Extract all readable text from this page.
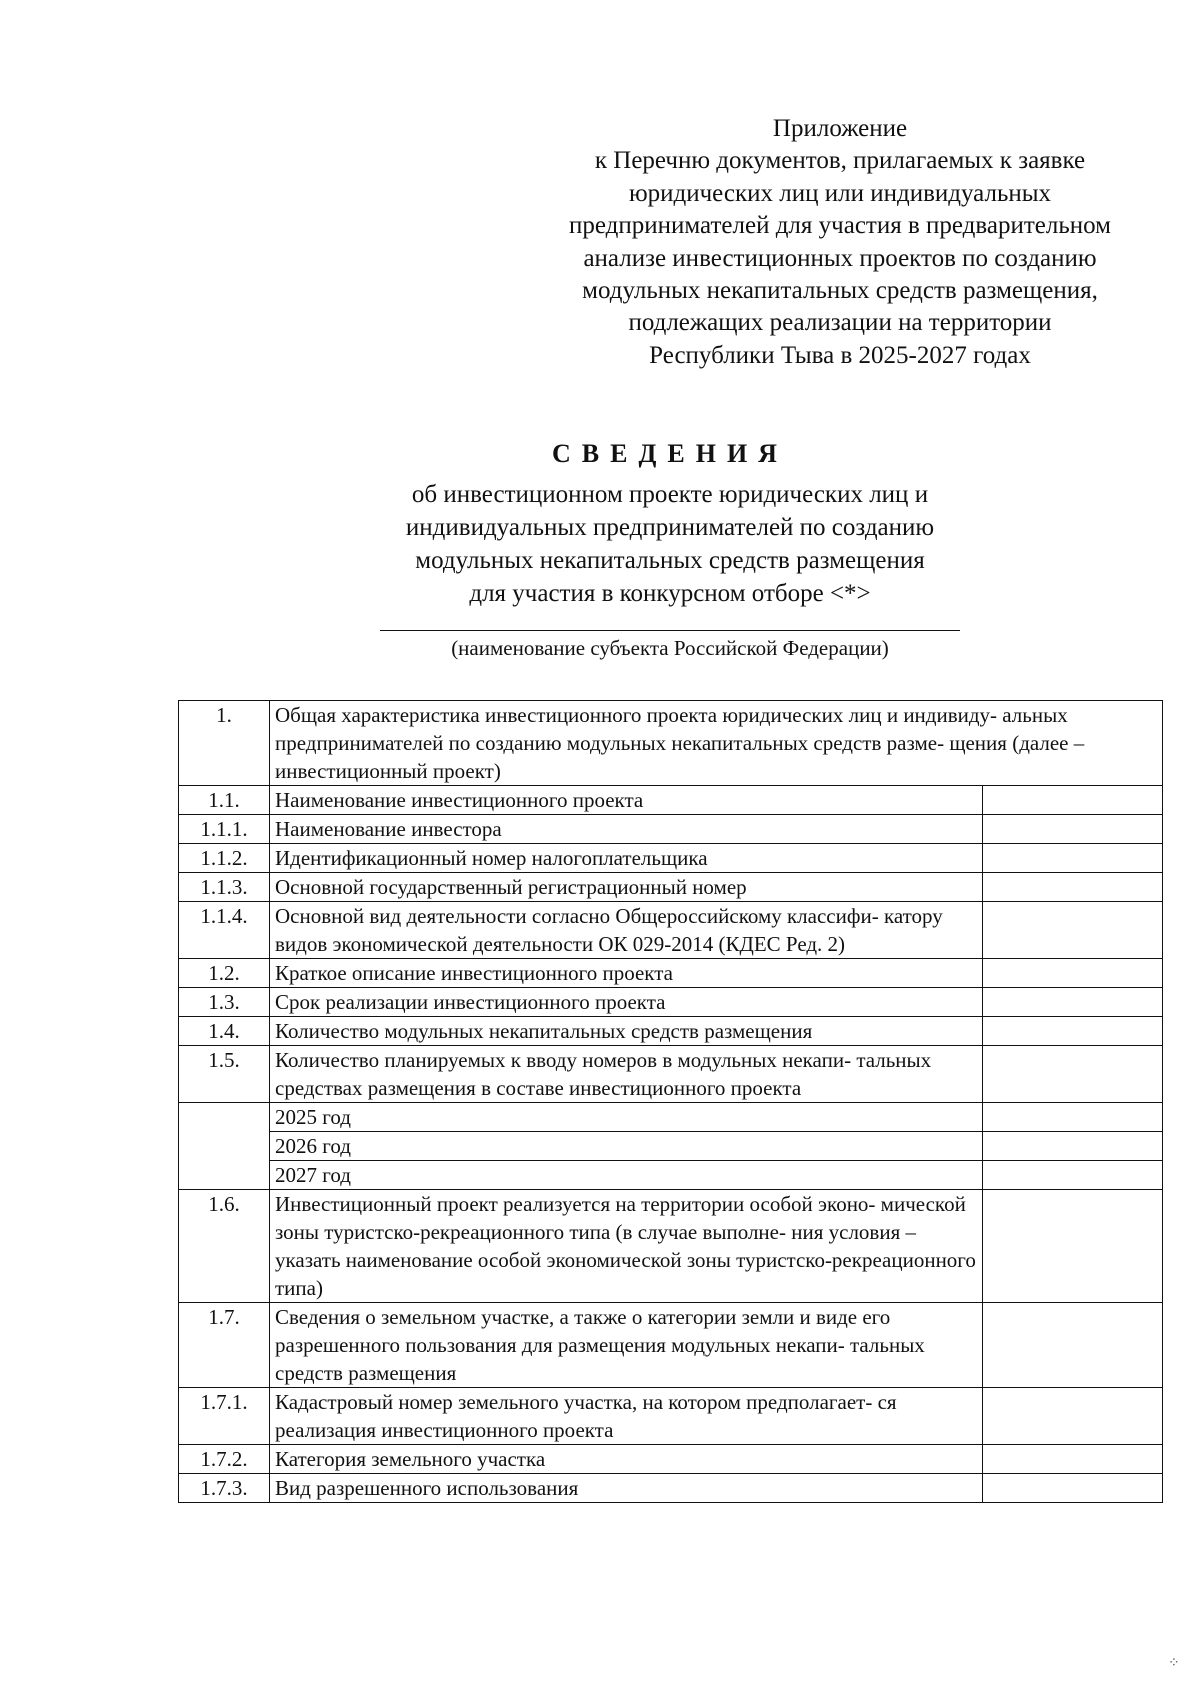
Приложение
к Перечню документов, прилагаемых к заявке
юридических лиц или индивидуальных
предпринимателей для участия в предварительном
анализе инвестиционных проектов по созданию
модульных некапитальных средств размещения,
подлежащих реализации на территории
Республики Тыва в 2025-2027 годах
СВЕДЕНИЯ
об инвестиционном проекте юридических лиц и
индивидуальных предпринимателей по созданию
модульных некапитальных средств размещения
для участия в конкурсном отборе <*>
(наименование субъекта Российской Федерации)
1.	Общая характеристика инвестиционного проекта юридических лиц и индивиду- альных предпринимателей по созданию модульных некапитальных средств разме- щения (далее – инвестиционный проект)	
1.1.	Наименование инвестиционного проекта	
1.1.1.	Наименование инвестора	
1.1.2.	Идентификационный номер налогоплательщика	
1.1.3.	Основной государственный регистрационный номер	
1.1.4.	Основной вид деятельности согласно Общероссийскому классифи- катору видов экономической деятельности ОК 029-2014 (КДЕС Ред. 2)	
1.2.	Краткое описание инвестиционного проекта	
1.3.	Срок реализации инвестиционного проекта	
1.4.	Количество модульных некапитальных средств размещения	
1.5.	Количество планируемых к вводу номеров в модульных некапи- тальных средствах размещения в составе инвестиционного проекта	
	2025 год	
	2026 год	
	2027 год	
1.6.	Инвестиционный проект реализуется на территории особой эконо- мической зоны туристско-рекреационного типа (в случае выполне- ния условия – указать наименование особой экономической зоны туристско-рекреационного типа)	
1.7.	Сведения о земельном участке, а также о категории земли и виде его разрешенного пользования для размещения модульных некапи- тальных средств размещения	
1.7.1.	Кадастровый номер земельного участка, на котором предполагает- ся реализация инвестиционного проекта	
1.7.2.	Категория земельного участка	
1.7.3.	Вид разрешенного использования	
⁘
